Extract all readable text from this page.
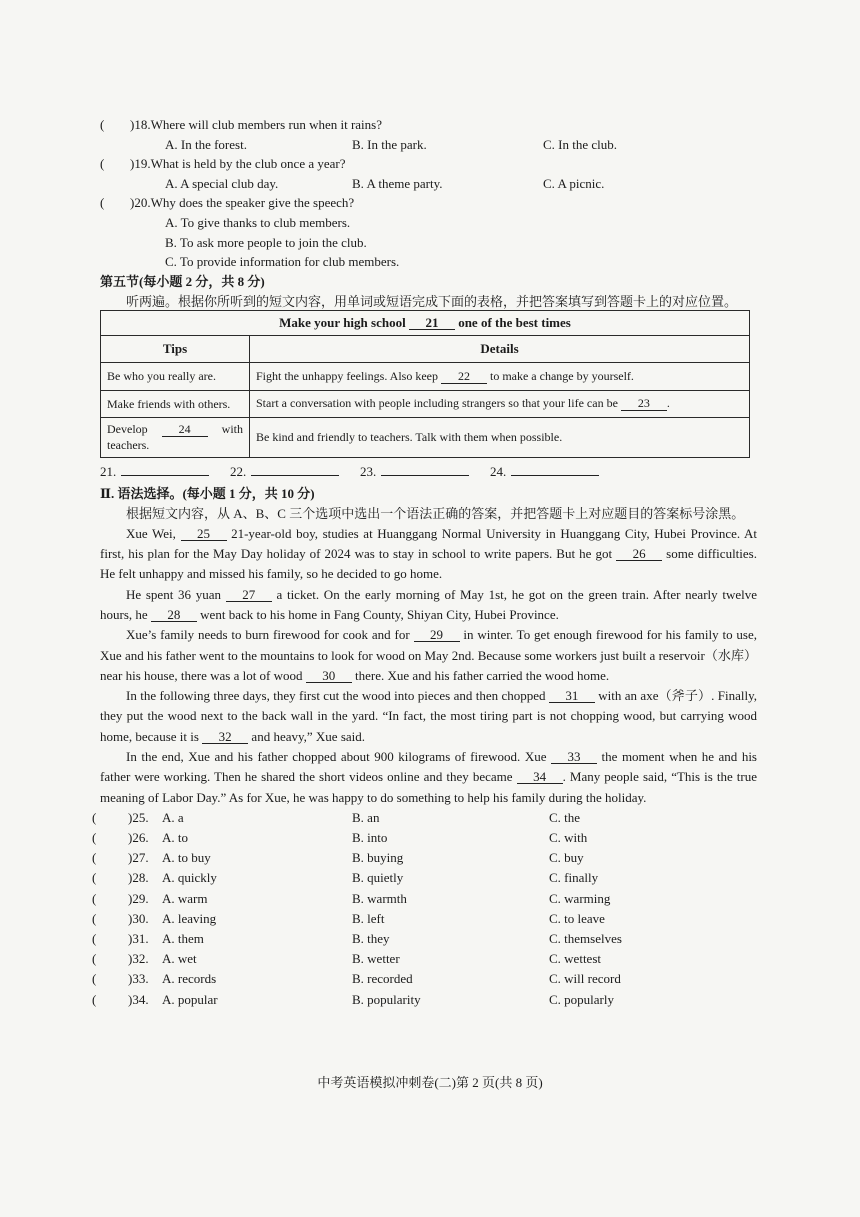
(	)18. Where will club members run when it rains?
A. In the forest.	B. In the park.	C. In the club.
(	)19. What is held by the club once a year?
A. A special club day.	B. A theme party.	C. A picnic.
(	)20. Why does the speaker give the speech?
A. To give thanks to club members.
B. To ask more people to join the club.
C. To provide information for club members.
第五节(每小题 2 分，共 8 分)
听两遍。根据你所听到的短文内容，用单词或短语完成下面的表格，并把答案填写到答题卡上的对应位置。
Make your high school 21 one of the best times	
Tips	Details
Be who you really are.	Fight the unhappy feelings. Also keep 22 to make a change by yourself.
Make friends with others.	Start a conversation with people including strangers so that your life can be 23 .
Develop 24 with teachers.	Be kind and friendly to teachers. Talk with them when possible.
21.	22.	23.	24.
Ⅱ. 语法选择。(每小题 1 分，共 10 分)
根据短文内容，从 A、B、C 三个选项中选出一个语法正确的答案，并把答题卡上对应题目的答案标号涂黑。

Xue Wei, 25 21-year-old boy, studies at Huanggang Normal University in Huanggang City, Hubei Province. At first, his plan for the May Day holiday of 2024 was to stay in school to write papers. But he got 26 some difficulties. He felt unhappy and missed his family, so he decided to go home.

He spent 36 yuan 27 a ticket. On the early morning of May 1st, he got on the green train. After nearly twelve hours, he 28 went back to his home in Fang County, Shiyan City, Hubei Province.

Xue’s family needs to burn firewood for cook and for 29 in winter. To get enough firewood for his family to use, Xue and his father went to the mountains to look for wood on May 2nd. Because some workers just built a reservoir（水库）near his house, there was a lot of wood 30 there. Xue and his father carried the wood home.

In the following three days, they first cut the wood into pieces and then chopped 31 with an axe（斧子）. Finally, they put the wood next to the back wall in the yard. “In fact, the most tiring part is not chopping wood, but carrying wood home, because it is 32 and heavy,” Xue said.

In the end, Xue and his father chopped about 900 kilograms of firewood. Xue 33 the moment when he and his father were working. Then he shared the short videos online and they became 34 . Many people said, “This is the true meaning of Labor Day.” As for Xue, he was happy to do something to help his family during the holiday.

(	)25.	A. a	B. an	C. the
(	)26.	A. to	B. into	C. with
(	)27.	A. to buy	B. buying	C. buy
(	)28.	A. quickly	B. quietly	C. finally
(	)29.	A. warm	B. warmth	C. warming
(	)30.	A. leaving	B. left	C. to leave
(	)31.	A. them	B. they	C. themselves
(	)32.	A. wet	B. wetter	C. wettest
(	)33.	A. records	B. recorded	C. will record
(	)34.	A. popular	B. popularity	C. popularly
中考英语模拟冲刺卷(二)第 2 页(共 8 页)
